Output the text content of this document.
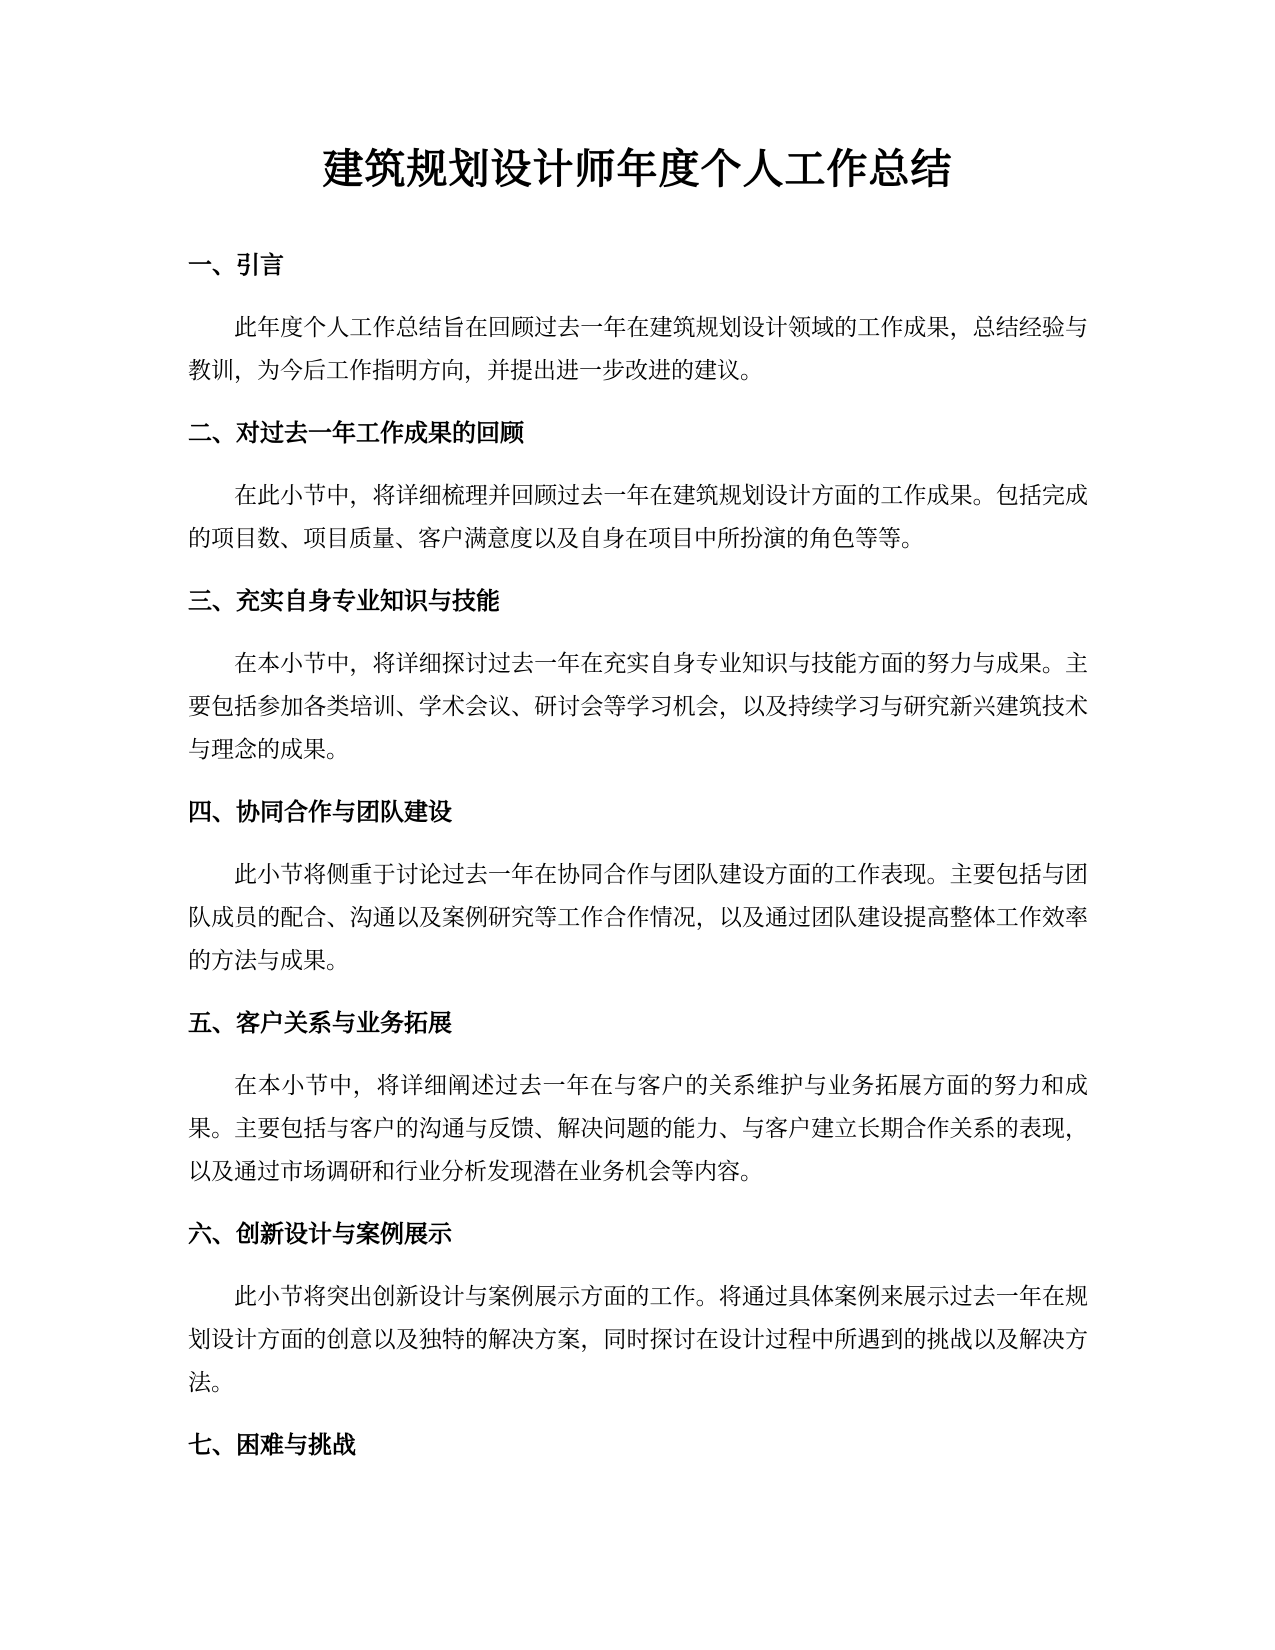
建筑规划设计师年度个人工作总结
一、引言

此年度个人工作总结旨在回顾过去一年在建筑规划设计领域的工作成果，总结经验与教训，为今后工作指明方向，并提出进一步改进的建议。

二、对过去一年工作成果的回顾

在此小节中，将详细梳理并回顾过去一年在建筑规划设计方面的工作成果。包括完成的项目数、项目质量、客户满意度以及自身在项目中所扮演的角色等等。

三、充实自身专业知识与技能

在本小节中，将详细探讨过去一年在充实自身专业知识与技能方面的努力与成果。主要包括参加各类培训、学术会议、研讨会等学习机会，以及持续学习与研究新兴建筑技术与理念的成果。

四、协同合作与团队建设

此小节将侧重于讨论过去一年在协同合作与团队建设方面的工作表现。主要包括与团队成员的配合、沟通以及案例研究等工作合作情况，以及通过团队建设提高整体工作效率的方法与成果。

五、客户关系与业务拓展

在本小节中，将详细阐述过去一年在与客户的关系维护与业务拓展方面的努力和成果。主要包括与客户的沟通与反馈、解决问题的能力、与客户建立长期合作关系的表现，以及通过市场调研和行业分析发现潜在业务机会等内容。

六、创新设计与案例展示

此小节将突出创新设计与案例展示方面的工作。将通过具体案例来展示过去一年在规划设计方面的创意以及独特的解决方案，同时探讨在设计过程中所遇到的挑战以及解决方法。

七、困难与挑战
